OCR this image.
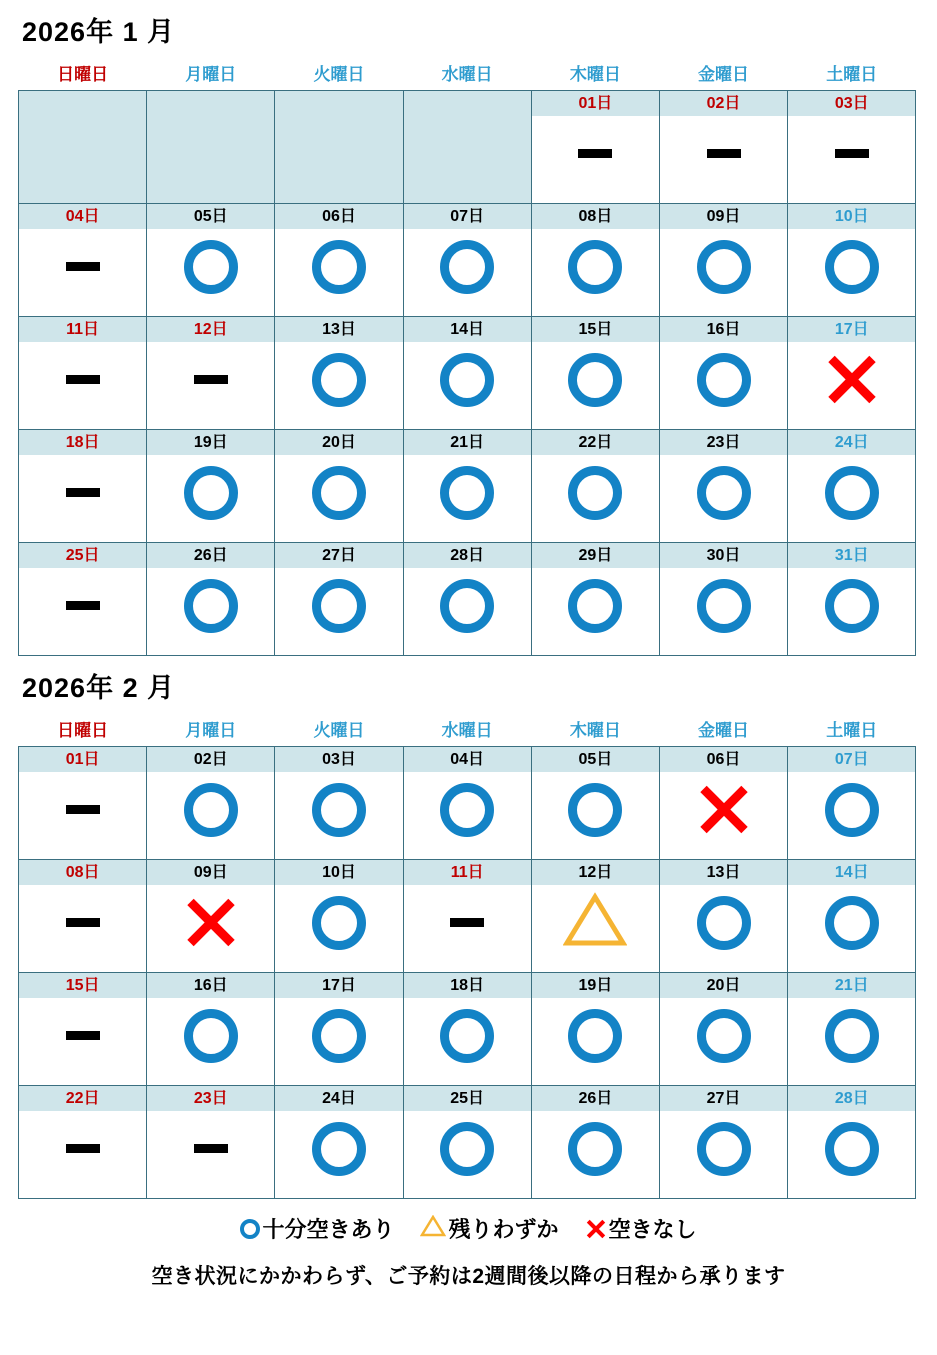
2026年 1 月
日曜日	月曜日	火曜日	水曜日	木曜日	金曜日	土曜日

				01日	02日	03日

04日	05日	06日	07日	08日	09日	10日

11日	12日	13日	14日	15日	16日	17日

18日	19日	20日	21日	22日	23日	24日

25日	26日	27日	28日	29日	30日	31日
2026年 2 月
日曜日	月曜日	火曜日	水曜日	木曜日	金曜日	土曜日

01日	02日	03日	04日	05日	06日	07日

08日	09日	10日	11日	12日	13日	14日

15日	16日	17日	18日	19日	20日	21日

22日	23日	24日	25日	26日	27日	28日
十分空きあり 残りわずか 空きなし
空き状況にかかわらず、ご予約は2週間後以降の日程から承ります
